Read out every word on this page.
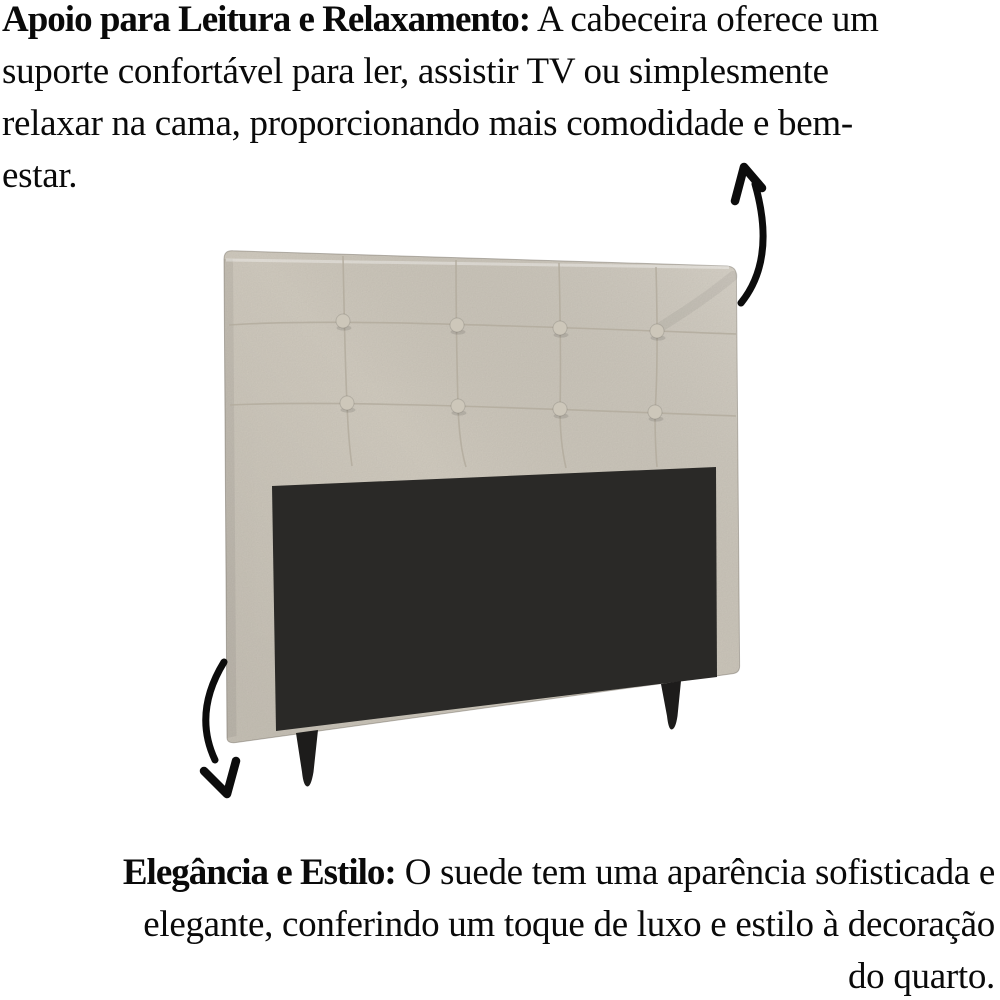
Apoio para Leitura e Relaxamento: A cabeceira oferece um
suporte confortável para ler, assistir TV ou simplesmente
relaxar na cama, proporcionando mais comodidade e bem-
estar.

Elegância e Estilo: O suede tem uma aparência sofisticada e
elegante, conferindo um toque de luxo e estilo à decoração
do quarto.
